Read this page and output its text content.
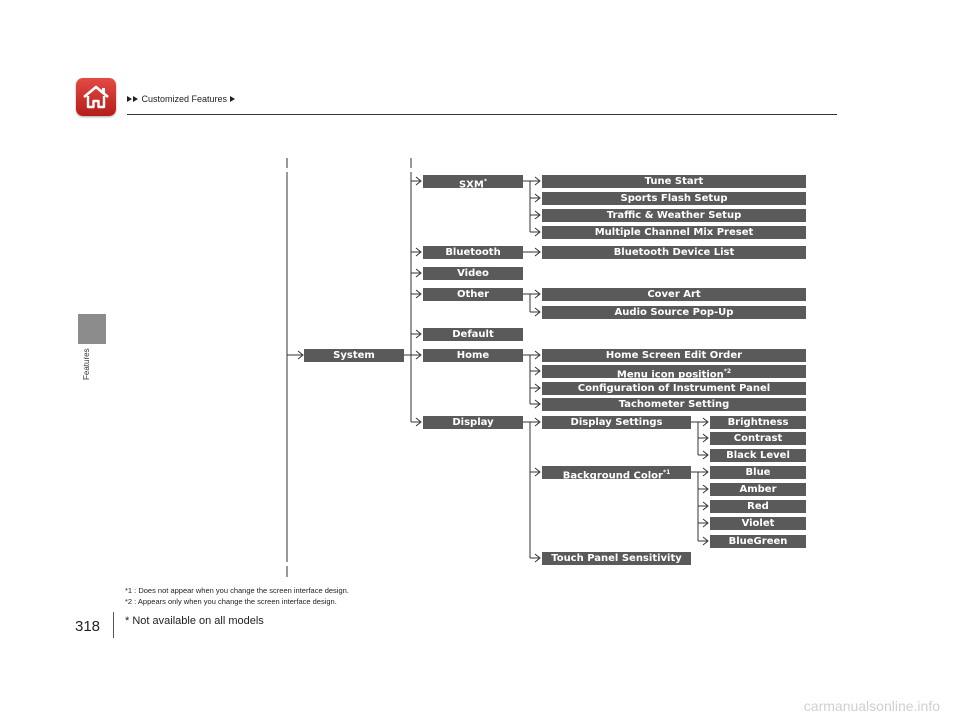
Customized Features
Features	System
SXM*	Tune Start
Sports Flash Setup
Traffic & Weather Setup
Multiple Channel Mix Preset
Bluetooth	Bluetooth Device List
Video
Other	Cover Art
Audio Source Pop-Up
Default
Home	Home Screen Edit Order
Menu icon position$^{*2}$
Configuration of Instrument Panel
Tachometer Setting
Display	Display Settings	Brightness
Contrast
Black Level
Background Color$^{*1}$	Blue
Amber
Red
Violet
BlueGreen
Touch Panel Sensitivity
*1 : Does not appear when you change the screen interface design.
*2 : Appears only when you change the screen interface design.
318 * Not available on all models
carmanualsonline.info
